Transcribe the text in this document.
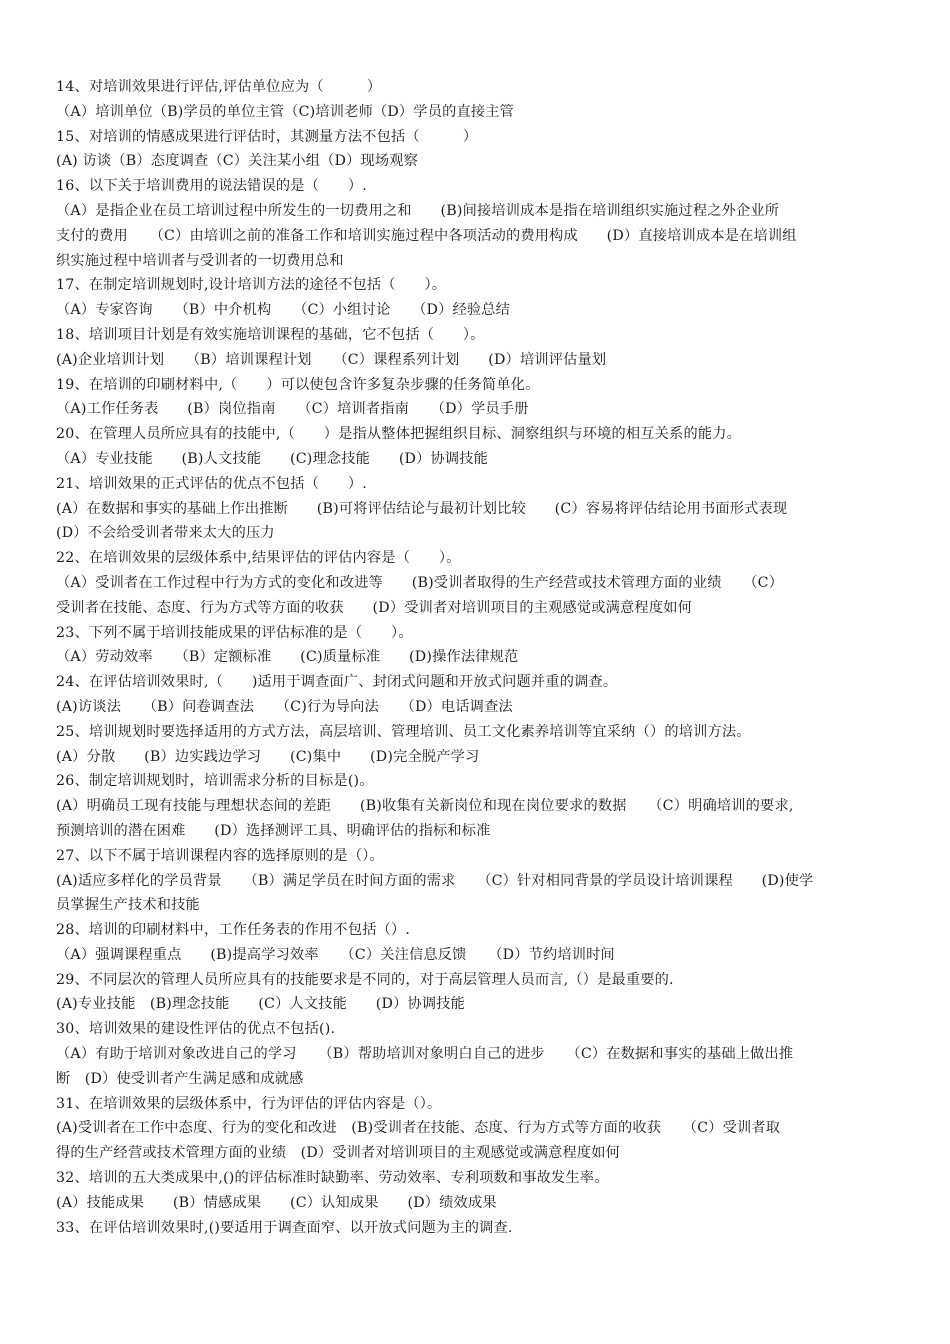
14、对培训效果进行评估,评估单位应为（　　　）
（A）培训单位（B)学员的单位主管（C)培训老师（D）学员的直接主管
15、对培训的情感成果进行评估时，其测量方法不包括（　　　）
(A) 访谈（B）态度调查（C）关注某小组（D）现场观察
16、以下关于培训费用的说法错误的是（　　）.
（A）是指企业在员工培训过程中所发生的一切费用之和　　(B)间接培训成本是指在培训组织实施过程之外企业所
支付的费用　　（C）由培训之前的准备工作和培训实施过程中各项活动的费用构成　　(D）直接培训成本是在培训组
织实施过程中培训者与受训者的一切费用总和
17、在制定培训规划时,设计培训方法的途径不包括（　　）。
（A）专家咨询　　（B）中介机构　　（C）小组讨论　　（D）经验总结
18、培训项目计划是有效实施培训课程的基础，它不包括（　　）。
(A)企业培训计划　　（B）培训课程计划　　（C）课程系列计划　　(D）培训评估量划
19、在培训的印刷材料中,（　　）可以使包含许多复杂步骤的任务简单化。
（A)工作任务表　　(B）岗位指南　　（C）培训者指南　　（D）学员手册
20、在管理人员所应具有的技能中,（　　）是指从整体把握组织目标、洞察组织与环境的相互关系的能力。
（A）专业技能　　(B)人文技能　　(C)理念技能　　(D）协调技能
21、培训效果的正式评估的优点不包括（　　）.
(A）在数据和事实的基础上作出推断　　(B)可将评估结论与最初计划比较　　(C）容易将评估结论用书面形式表现
(D）不会给受训者带来太大的压力
22、在培训效果的层级体系中,结果评估的评估内容是（　　）。
（A）受训者在工作过程中行为方式的变化和改进等　　(B)受训者取得的生产经营或技术管理方面的业绩　　（C）
受训者在技能、态度、行为方式等方面的收获　　(D）受训者对培训项目的主观感觉或满意程度如何
23、下列不属于培训技能成果的评估标准的是（　　）。
（A）劳动效率　　（B）定额标准　　(C)质量标准　　(D)操作法律规范
24、在评估培训效果时,（　　)适用于调查面广、封闭式问题和开放式问题并重的调查。
(A)访谈法　　（B）问卷调查法　　（C)行为导向法　　（D）电话调查法
25、培训规划时要选择适用的方式方法，高层培训、管理培训、员工文化素养培训等宜采纳（）的培训方法。
(A）分散　　(B）边实践边学习　　(C)集中　　(D)完全脱产学习
26、制定培训规划时，培训需求分析的目标是()。
(A）明确员工现有技能与理想状态间的差距　　(B)收集有关新岗位和现在岗位要求的数据　　（C）明确培训的要求,
预测培训的潜在困难　　(D）选择测评工具、明确评估的指标和标准
27、以下不属于培训课程内容的选择原则的是（）。
(A)适应多样化的学员背景　　（B）满足学员在时间方面的需求　　（C）针对相同背景的学员设计培训课程　　(D)使学
员掌握生产技术和技能
28、培训的印刷材料中，工作任务表的作用不包括（）.
（A）强调课程重点　　(B)提高学习效率　　（C）关注信息反馈　　（D）节约培训时间
29、不同层次的管理人员所应具有的技能要求是不同的，对于高层管理人员而言,（）是最重要的.
(A)专业技能　(B)理念技能　　(C）人文技能　　(D）协调技能
30、培训效果的建设性评估的优点不包括().
（A）有助于培训对象改进自己的学习　　（B）帮助培训对象明白自己的进步　　（C）在数据和事实的基础上做出推
断　(D）使受训者产生满足感和成就感
31、在培训效果的层级体系中，行为评估的评估内容是（）。
(A)受训者在工作中态度、行为的变化和改进　(B)受训者在技能、态度、行为方式等方面的收获　　（C）受训者取
得的生产经营或技术管理方面的业绩　(D）受训者对培训项目的主观感觉或满意程度如何
32、培训的五大类成果中,()的评估标准时缺勤率、劳动效率、专利项数和事故发生率。
(A）技能成果　　(B）情感成果　　(C）认知成果　　(D）绩效成果
33、在评估培训效果时,()要适用于调查面窄、以开放式问题为主的调查.
